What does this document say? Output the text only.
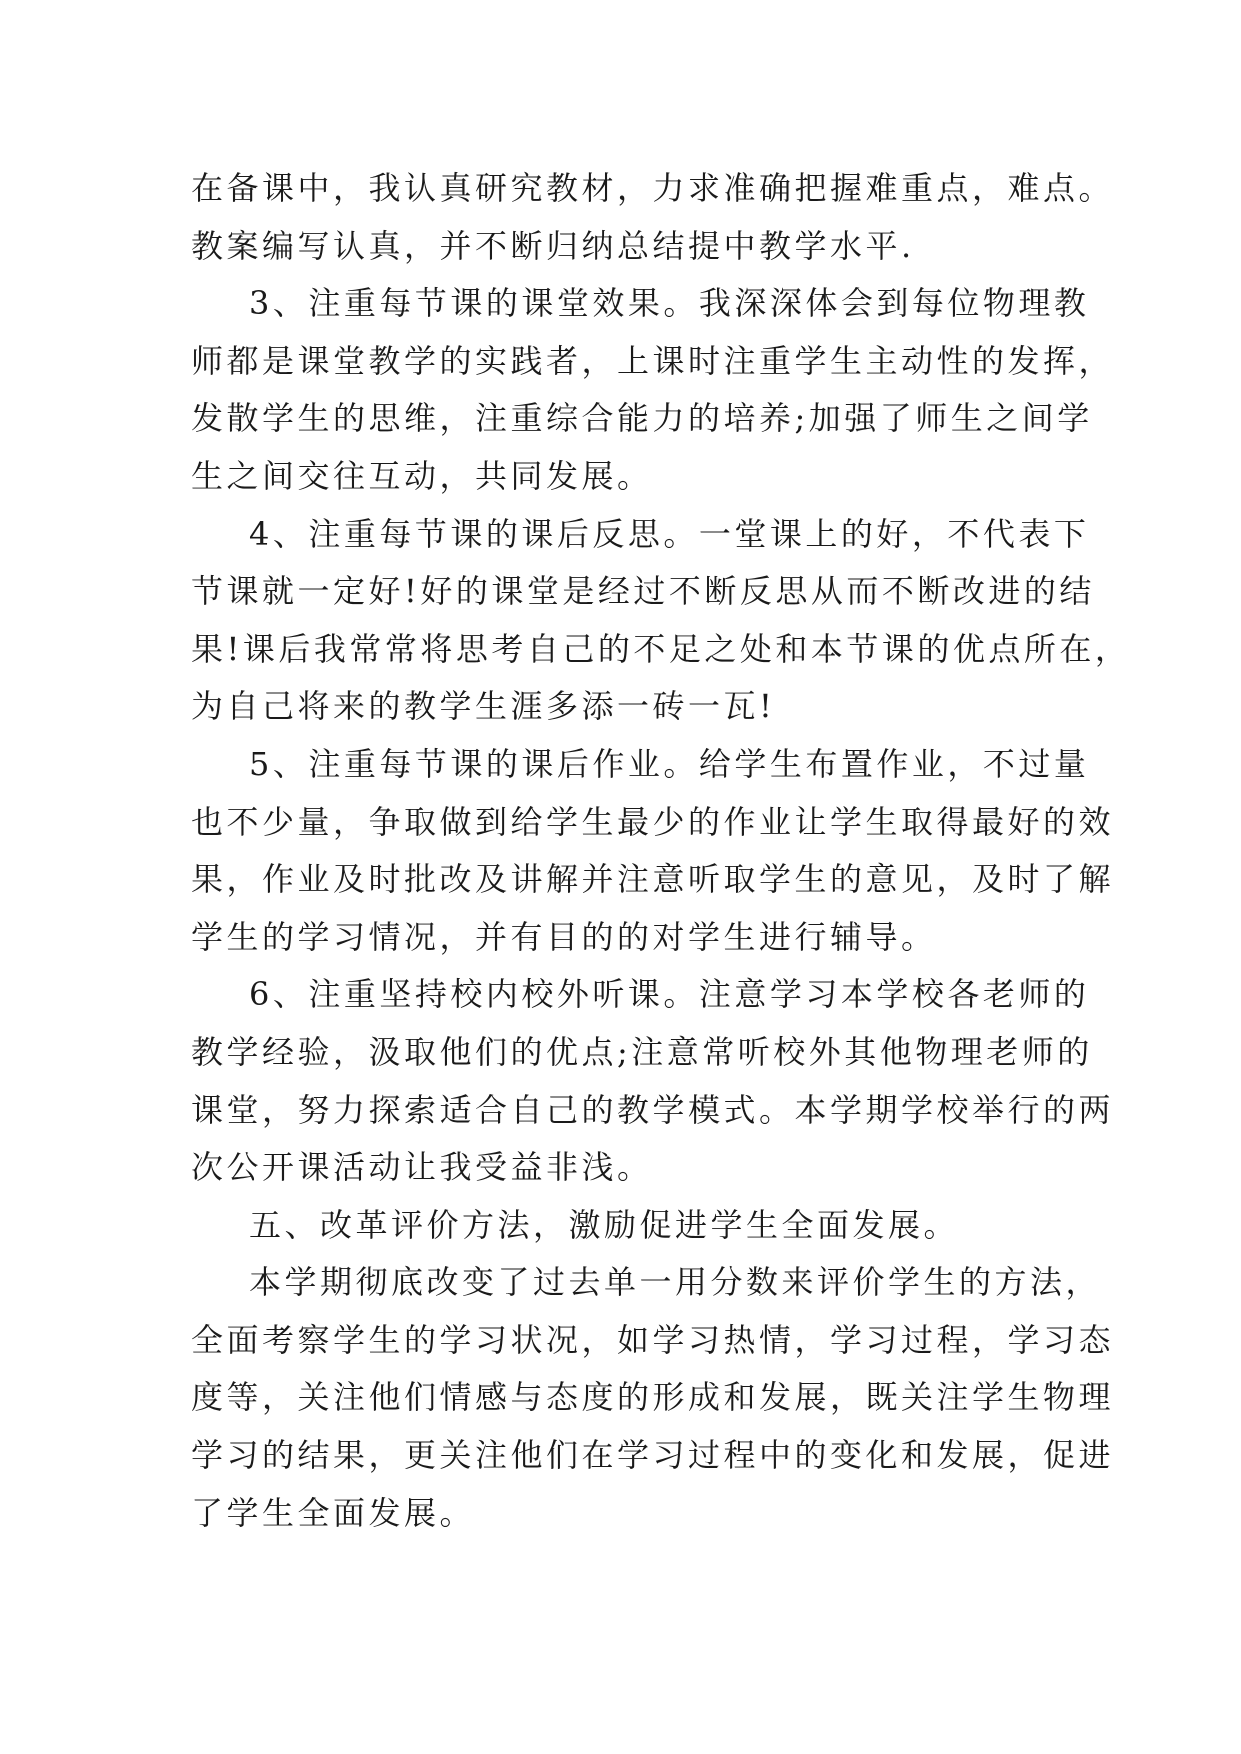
在备课中，我认真研究教材，力求准确把握难重点，难点。
教案编写认真，并不断归纳总结提中教学水平.
3、注重每节课的课堂效果。我深深体会到每位物理教
师都是课堂教学的实践者，上课时注重学生主动性的发挥，
发散学生的思维，注重综合能力的培养;加强了师生之间学
生之间交往互动，共同发展。
4、注重每节课的课后反思。一堂课上的好，不代表下
节课就一定好!好的课堂是经过不断反思从而不断改进的结
果!课后我常常将思考自己的不足之处和本节课的优点所在，
为自己将来的教学生涯多添一砖一瓦!
5、注重每节课的课后作业。给学生布置作业，不过量
也不少量，争取做到给学生最少的作业让学生取得最好的效
果，作业及时批改及讲解并注意听取学生的意见，及时了解
学生的学习情况，并有目的的对学生进行辅导。
6、注重坚持校内校外听课。注意学习本学校各老师的
教学经验，汲取他们的优点;注意常听校外其他物理老师的
课堂，努力探索适合自己的教学模式。本学期学校举行的两
次公开课活动让我受益非浅。
五、改革评价方法，激励促进学生全面发展。
本学期彻底改变了过去单一用分数来评价学生的方法，
全面考察学生的学习状况，如学习热情，学习过程，学习态
度等，关注他们情感与态度的形成和发展，既关注学生物理
学习的结果，更关注他们在学习过程中的变化和发展，促进
了学生全面发展。
